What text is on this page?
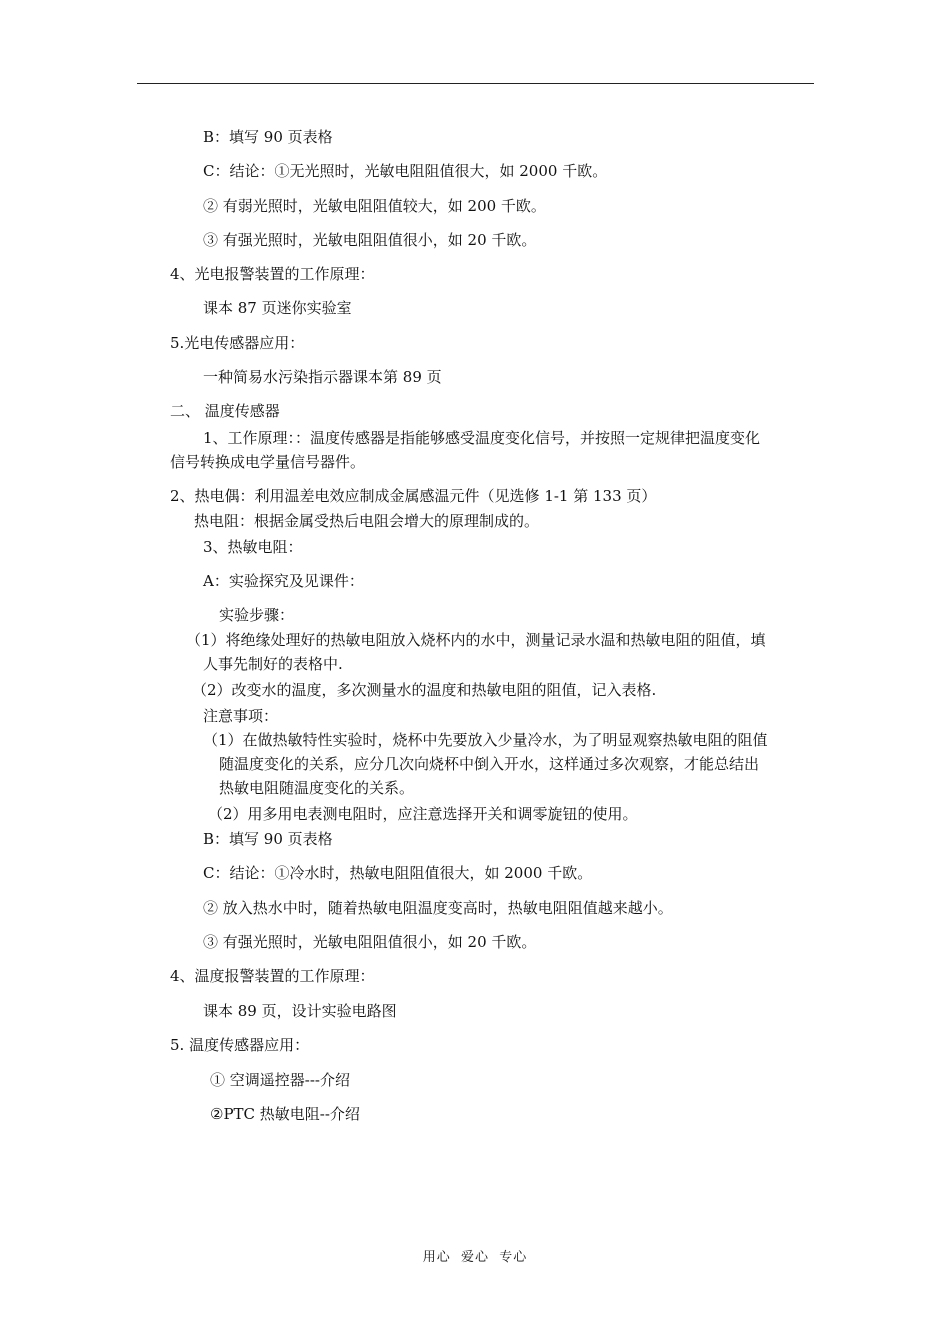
B：填写 90 页表格
C：结论：①无光照时，光敏电阻阻值很大，如 2000 千欧。
② 有弱光照时，光敏电阻阻值较大，如 200 千欧。
③ 有强光照时，光敏电阻阻值很小，如 20 千欧。
4、光电报警装置的工作原理：
课本 87 页迷你实验室
5.光电传感器应用：
一种简易水污染指示器课本第 89 页
二、 温度传感器
1、工作原理：：温度传感器是指能够感受温度变化信号，并按照一定规律把温度变化
信号转换成电学量信号器件。
2、热电偶：利用温差电效应制成金属感温元件（见选修 1-1 第 133 页）
热电阻：根据金属受热后电阻会增大的原理制成的。
3、热敏电阻：
A：实验探究及见课件：
实验步骤：
（1）将绝缘处理好的热敏电阻放入烧杯内的水中，测量记录水温和热敏电阻的阻值，填
人事先制好的表格中.
（2）改变水的温度，多次测量水的温度和热敏电阻的阻值，记入表格.
注意事项：
（1）在做热敏特性实验时，烧杯中先要放入少量冷水，为了明显观察热敏电阻的阻值
随温度变化的关系，应分几次向烧杯中倒入开水，这样通过多次观察，才能总结出
热敏电阻随温度变化的关系。
（2）用多用电表测电阻时，应注意选择开关和调零旋钮的使用。
B：填写 90 页表格
C：结论：①冷水时，热敏电阻阻值很大，如 2000 千欧。
② 放入热水中时，随着热敏电阻温度变高时，热敏电阻阻值越来越小。
③ 有强光照时，光敏电阻阻值很小，如 20 千欧。
4、温度报警装置的工作原理：
课本 89 页，设计实验电路图
5. 温度传感器应用：
① 空调遥控器---介绍
②PTC 热敏电阻--介绍
用心  爱心  专心
